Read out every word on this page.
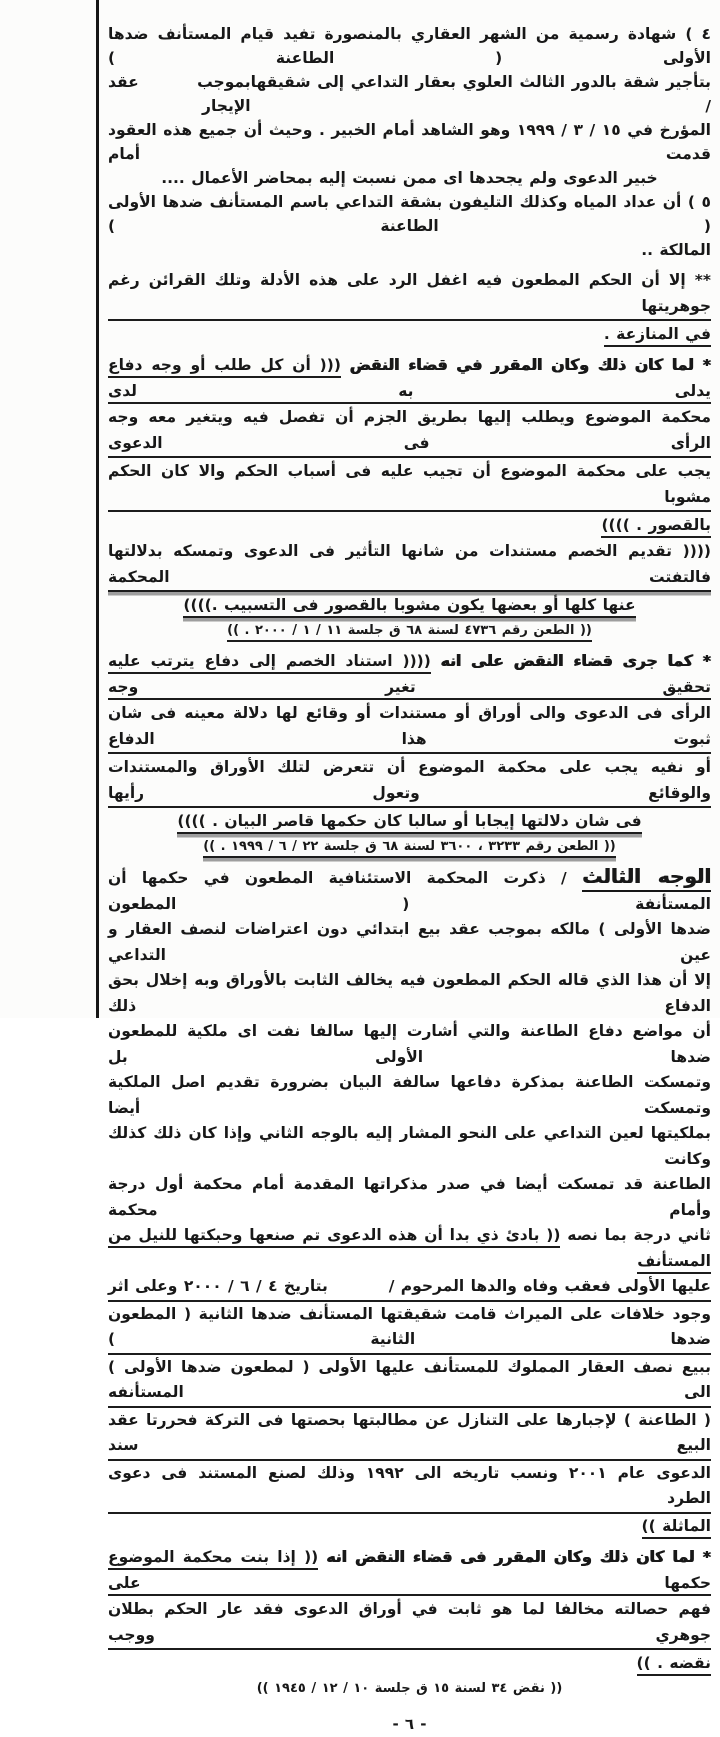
٤ ) شهادة رسمية من الشهر العقاري بالمنصورة تفيد قيام المستأنف ضدها الأولى ( الطاعنة )

بتأجير شقة بالدور الثالث العلوي بعقار التداعي إلى شقيقها /
بموجب عقد الإيجار

المؤرخ في ١٥ / ٣ / ١٩٩٩ وهو الشاهد أمام الخبير . وحيث أن جميع هذه العقود قدمت أمام

خبير الدعوى ولم يجحدها اى ممن نسبت إليه بمحاضر الأعمال ....

٥ ) أن عداد المياه وكذلك التليفون بشقة التداعي باسم المستأنف ضدها الأولى ( الطاعنة )

المالكة ..

** إلا أن الحكم المطعون فيه اغفل الرد على هذه الأدلة وتلك القرائن رغم جوهريتها

في المنازعة .

* لما كان ذلك وكان المقرر في قضاء النقض ((( أن كل طلب أو وجه دفاع يدلى به لدى

محكمة الموضوع ويطلب إليها بطريق الجزم أن تفصل فيه ويتغير معه وجه الرأى فى الدعوى

يجب على محكمة الموضوع أن تجيب عليه فى أسباب الحكم والا كان الحكم مشوبا

بالقصور . ))))

(((( تقديم الخصم مستندات من شانها التأثير فى الدعوى وتمسكه بدلالتها فالتفتت المحكمة

عنها كلها أو بعضها يكون مشوبا بالقصور فى التسبيب .))))

(( الطعن رقم ٤٧٣٦ لسنة ٦٨ ق جلسة ١١ / ١ / ٢٠٠٠ . ))

* كما جرى قضاء النقض على انه (((( استناد الخصم إلى دفاع يترتب عليه تحقيق تغير وجه

الرأى فى الدعوى والى أوراق أو مستندات أو وقائع لها دلالة معينه فى شان ثبوت هذا الدفاع

أو نفيه يجب على محكمة الموضوع أن تتعرض لتلك الأوراق والمستندات والوقائع وتعول رأيها

فى شان دلالتها إيجابا أو سالبا كان حكمها قاصر البيان . ))))

(( الطعن رقم ٣٢٣٣ ، ٣٦٠٠ لسنة ٦٨ ق جلسة ٢٢ / ٦ / ١٩٩٩ . ))

الوجه الثالث / ذكرت المحكمة الاستئنافية المطعون في حكمها أن المستأنفة ( المطعون

ضدها الأولى ) مالكه بموجب عقد بيع ابتدائي دون اعتراضات لنصف العقار و عين التداعي

إلا أن هذا الذي قاله الحكم المطعون فيه يخالف الثابت بالأوراق وبه إخلال بحق الدفاع ذلك

أن مواضع دفاع الطاعنة والتي أشارت إليها سالفا نفت اى ملكية للمطعون ضدها الأولى بل

وتمسكت الطاعنة بمذكرة دفاعها سالفة البيان بضرورة تقديم اصل الملكية وتمسكت أيضا

بملكيتها لعين التداعي على النحو المشار إليه بالوجه الثاني وإذا كان ذلك كذلك وكانت

الطاعنة قد تمسكت أيضا في صدر مذكراتها المقدمة أمام محكمة أول درجة وأمام محكمة

ثاني درجة بما نصه (( بادئ ذي بدا أن هذه الدعوى تم صنعها وحبكتها للنيل من المستأنف

عليها الأولى فعقب وفاه والدها المرحوم /
بتاريخ ٤ / ٦ / ٢٠٠٠ وعلى اثر

وجود خلافات على الميراث قامت شقيقتها المستأنف ضدها الثانية ( المطعون ضدها الثانية )

ببيع نصف العقار المملوك للمستأنف عليها الأولى ( لمطعون ضدها الأولى ) الى المستأنفه

( الطاعنة ) لإجبارها على التنازل عن مطالبتها بحصتها فى التركة فحررتا عقد البيع سند

الدعوى عام ٢٠٠١ ونسب تاريخه الى ١٩٩٢ وذلك لصنع المستند فى دعوى الطرد

الماثلة ))

* لما كان ذلك وكان المقرر فى قضاء النقض انه (( إذا بنت محكمة الموضوع حكمها على

فهم حصالته مخالفا لما هو ثابت في أوراق الدعوى فقد عار الحكم بطلان جوهري ووجب

نقضه . ))

(( نقض ٣٤ لسنة ١٥ ق جلسة ١٠ / ١٢ / ١٩٤٥ ))

- ٦ -
